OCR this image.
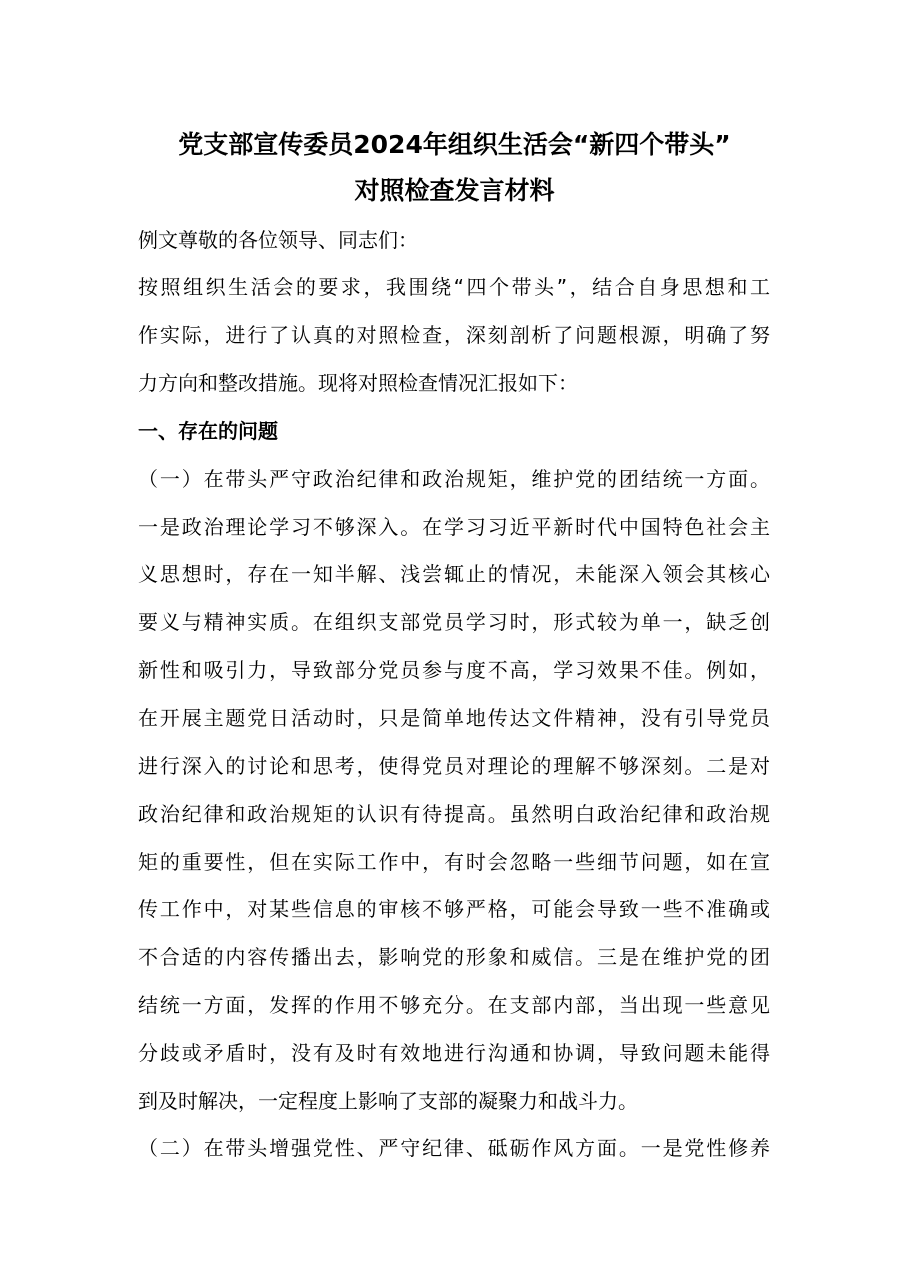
党支部宣传委员2024年组织生活会“新四个带头”
对照检查发言材料
例文尊敬的各位领导、同志们：
按照组织生活会的要求，我围绕“四个带头”，结合自身思想和工
作实际，进行了认真的对照检查，深刻剖析了问题根源，明确了努
力方向和整改措施。现将对照检查情况汇报如下：
一、存在的问题
（一）在带头严守政治纪律和政治规矩，维护党的团结统一方面。
一是政治理论学习不够深入。在学习习近平新时代中国特色社会主
义思想时，存在一知半解、浅尝辄止的情况，未能深入领会其核心
要义与精神实质。在组织支部党员学习时，形式较为单一，缺乏创
新性和吸引力，导致部分党员参与度不高，学习效果不佳。例如，
在开展主题党日活动时，只是简单地传达文件精神，没有引导党员
进行深入的讨论和思考，使得党员对理论的理解不够深刻。二是对
政治纪律和政治规矩的认识有待提高。虽然明白政治纪律和政治规
矩的重要性，但在实际工作中，有时会忽略一些细节问题，如在宣
传工作中，对某些信息的审核不够严格，可能会导致一些不准确或
不合适的内容传播出去，影响党的形象和威信。三是在维护党的团
结统一方面，发挥的作用不够充分。在支部内部，当出现一些意见
分歧或矛盾时，没有及时有效地进行沟通和协调，导致问题未能得
到及时解决，一定程度上影响了支部的凝聚力和战斗力。
（二）在带头增强党性、严守纪律、砥砺作风方面。一是党性修养
